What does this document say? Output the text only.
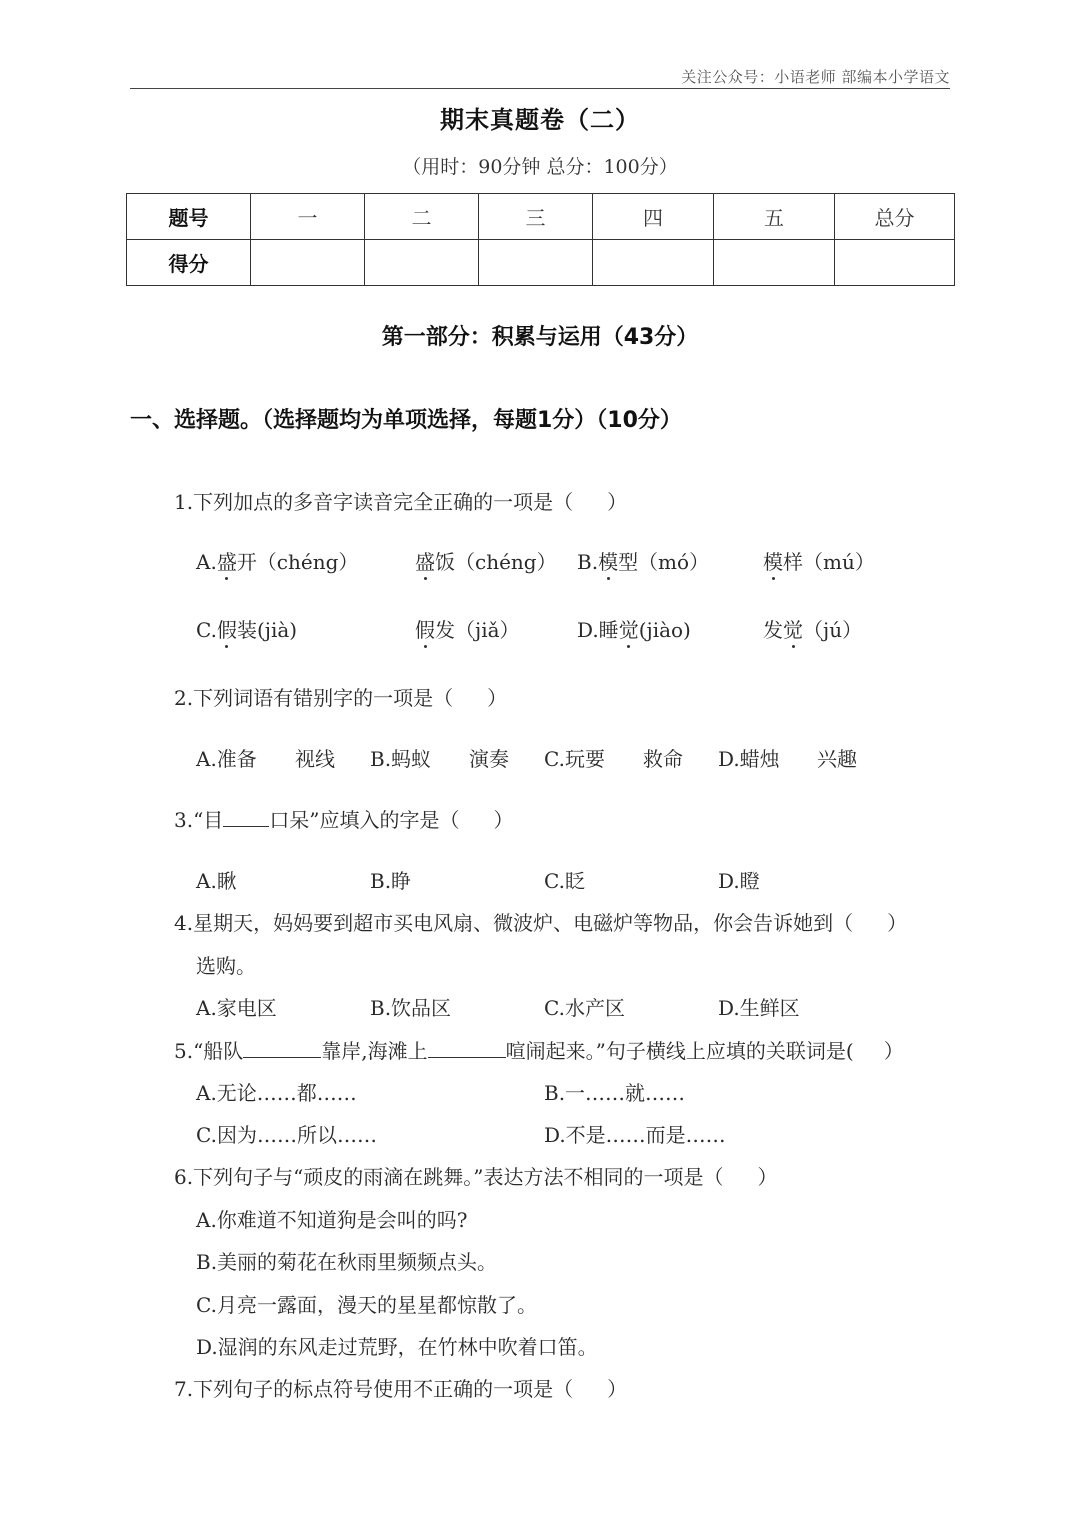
关注公众号：小语老师 部编本小学语文
期末真题卷（二）
（用时：90分钟 总分：100分）
题号	一	二	三	四	五	总分
得分						
第一部分：积累与运用（43分）
一、选择题。（选择题均为单项选择，每题1分）（10分）
1.下列加点的多音字读音完全正确的一项是（ ）
A.盛开（chéng）	盛饭（chéng） B.模型（mó）	模样（mú）
C.假装(jià)	假发（jiǎ）	D.睡觉(jiào)	发觉（jú）
2.下列词语有错别字的一项是（ ）
A.准备 视线 B.蚂蚁 演奏 C.玩要 救命 D.蜡烛 兴趣
3.“目 口呆”应填入的字是（ ）
A.瞅	B.睁	C.眨	D.瞪
4.星期天，妈妈要到超市买电风扇、微波炉、电磁炉等物品，你会告诉她到（ ）
选购。
A.家电区	B.饮品区	C.水产区	D.生鲜区
5.“船队	靠岸,海滩上	喧闹起来。”句子横线上应填的关联词是( ）
A.无论……都……	B.一……就……
C.因为……所以……	D.不是……而是……
6.下列句子与“顽皮的雨滴在跳舞。”表达方法不相同的一项是（ ）
A.你难道不知道狗是会叫的吗?
B.美丽的菊花在秋雨里频频点头。
C.月亮一露面，漫天的星星都惊散了。
D.湿润的东风走过荒野，在竹林中吹着口笛。
7.下列句子的标点符号使用不正确的一项是（ ）
